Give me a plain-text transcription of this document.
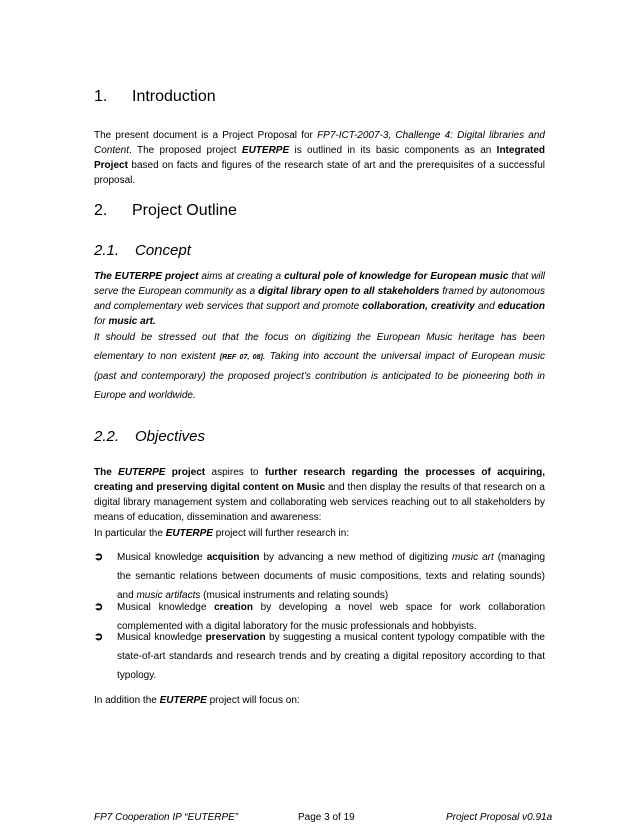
1. Introduction

The present document is a Project Proposal for FP7-ICT-2007-3, Challenge 4: Digital libraries and Content. The proposed project EUTERPE is outlined in its basic components as an Integrated Project based on facts and figures of the research state of art and the prerequisites of a successful proposal.

2. Project Outline
2.1. Concept

The EUTERPE project aims at creating a cultural pole of knowledge for European music that will serve the European community as a digital library open to all stakeholders framed by autonomous and complementary web services that support and promote collaboration, creativity and education for music art.

It should be stressed out that the focus on digitizing the European Music heritage has been elementary to non existent [REF 07, 08]. Taking into account the universal impact of European music (past and contemporary) the proposed project’s contribution is anticipated to be pioneering both in Europe and worldwide.

2.2. Objectives

The EUTERPE project aspires to further research regarding the processes of acquiring, creating and preserving digital content on Music and then display the results of that research on a digital library management system and collaborating web services reaching out to all stakeholders by means of education, dissemination and awareness:

In particular the EUTERPE project will further research in:

➲ Musical knowledge acquisition by advancing a new method of digitizing music art (managing the semantic relations between documents of music compositions, texts and relating sounds) and music artifacts (musical instruments and relating sounds)
➲ Musical knowledge creation by developing a novel web space for work collaboration complemented with a digital laboratory for the music professionals and hobbyists.
➲ Musical knowledge preservation by suggesting a musical content typology compatible with the state-of-art standards and research trends and by creating a digital repository according to that typology.

In addition the EUTERPE project will focus on:

FP7 Cooperation IP “EUTERPE”	Page 3 of 19	Project Proposal v0.91a
